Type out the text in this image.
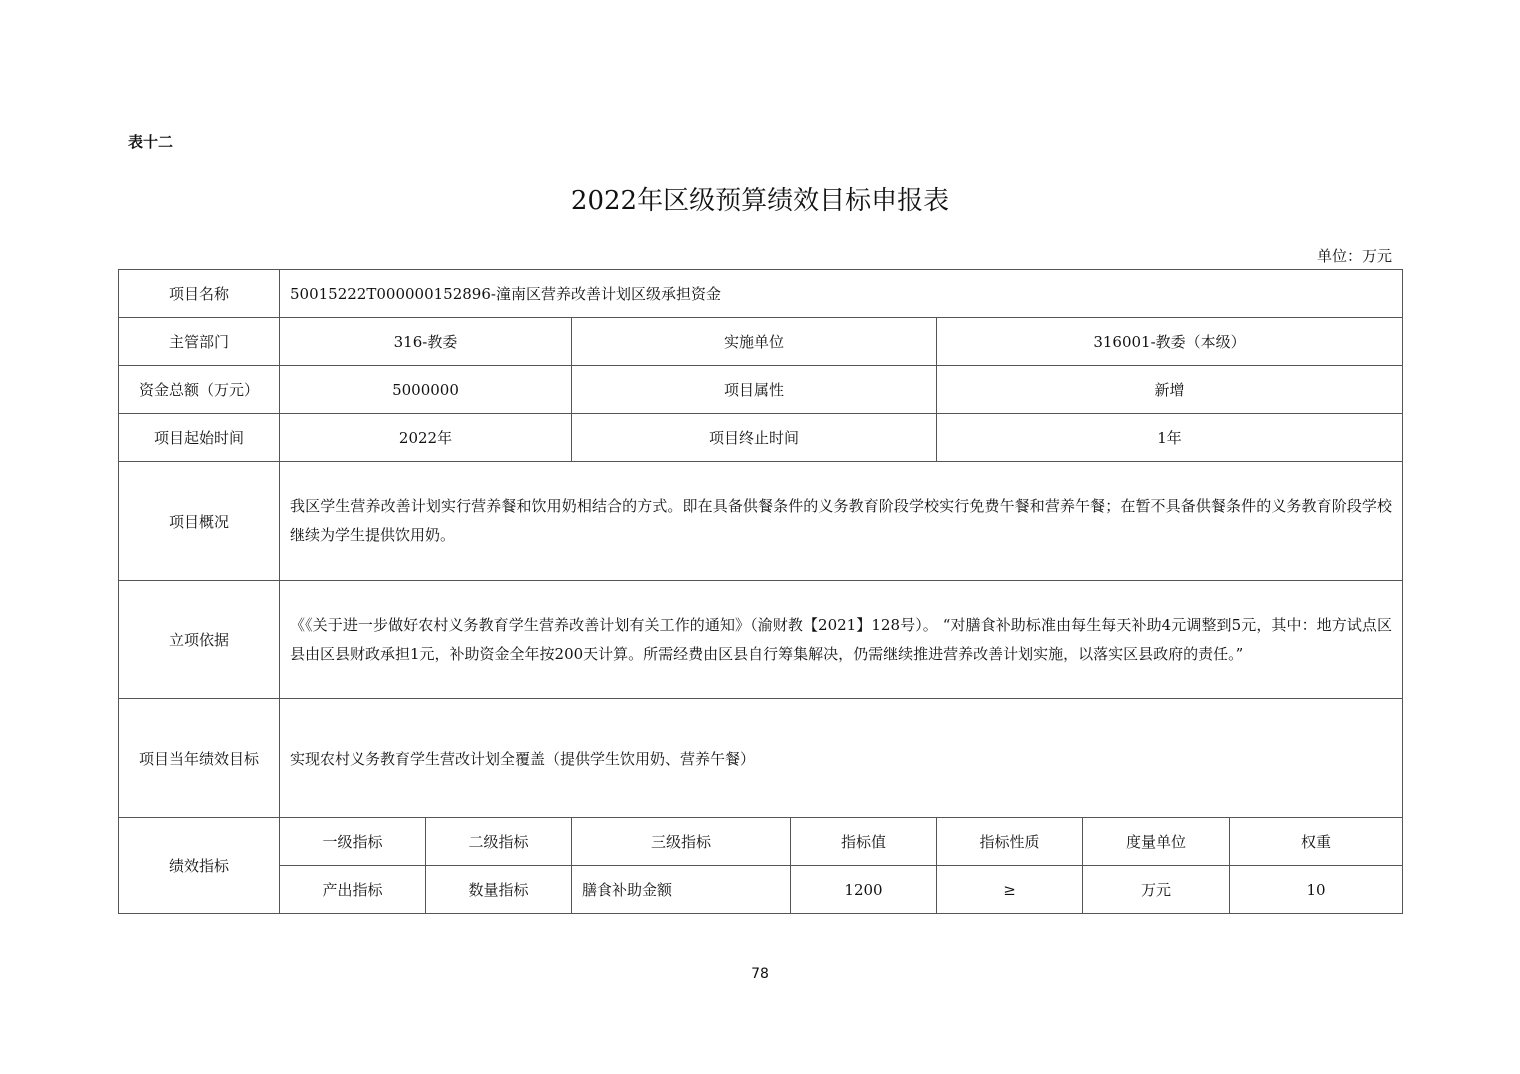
表十二
2022年区级预算绩效目标申报表
单位：万元
项目名称	50015222T000000152896-潼南区营养改善计划区级承担资金						
主管部门	316-教委		实施单位		316001-教委（本级）		
资金总额（万元）	5000000		项目属性		新增		
项目起始时间	2022年		项目终止时间		1年		
项目概况	我区学生营养改善计划实行营养餐和饮用奶相结合的方式。即在具备供餐条件的义务教育阶段学校实行免费午餐和营养午餐；在暂不具备供餐条件的义务教育阶段学校继续为学生提供饮用奶。						
立项依据	《《关于进一步做好农村义务教育学生营养改善计划有关工作的通知》（渝财教【2021】128号）。 “对膳食补助标准由每生每天补助4元调整到5元，其中：地方试点区县由区县财政承担1元，补助资金全年按200天计算。所需经费由区县自行筹集解决，仍需继续推进营养改善计划实施，以落实区县政府的责任。”						
项目当年绩效目标	实现农村义务教育学生营改计划全覆盖（提供学生饮用奶、营养午餐）						
绩效指标	一级指标	二级指标	三级指标	指标值	指标性质	度量单位	权重
	产出指标	数量指标	膳食补助金额	1200	≥	万元	10
78
